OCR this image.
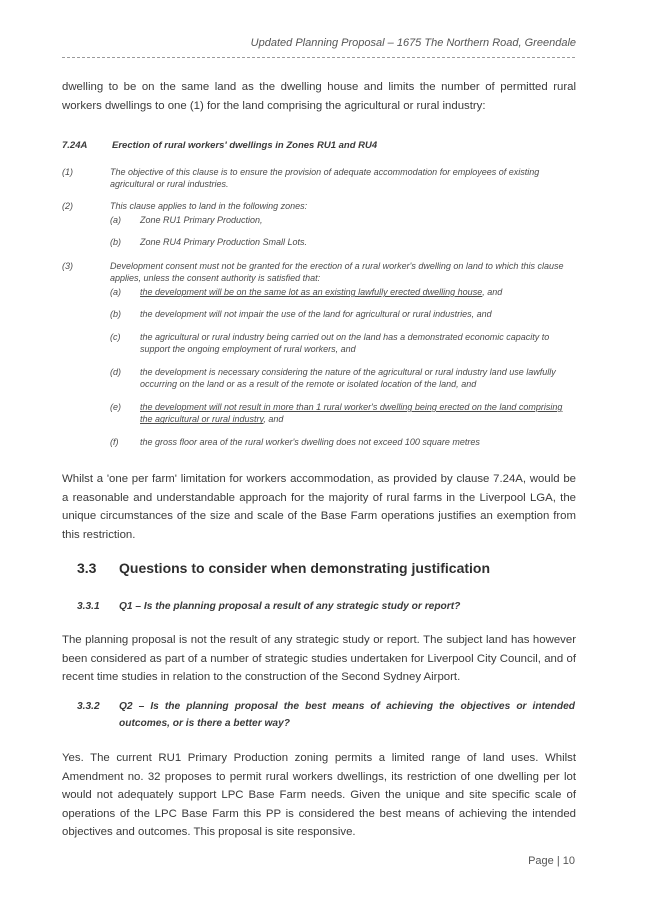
Updated Planning Proposal – 1675 The Northern Road, Greendale
dwelling to be on the same land as the dwelling house and limits the number of permitted rural workers dwellings to one (1) for the land comprising the agricultural or rural industry:
7.24A	Erection of rural workers' dwellings in Zones RU1 and RU4
(1)	The objective of this clause is to ensure the provision of adequate accommodation for employees of existing agricultural or rural industries.
(2)	This clause applies to land in the following zones:
(a) Zone RU1 Primary Production,
(b) Zone RU4 Primary Production Small Lots.
(3)	Development consent must not be granted for the erection of a rural worker's dwelling on land to which this clause applies, unless the consent authority is satisfied that:
(a) the development will be on the same lot as an existing lawfully erected dwelling house, and
(b) the development will not impair the use of the land for agricultural or rural industries, and
(c) the agricultural or rural industry being carried out on the land has a demonstrated economic capacity to support the ongoing employment of rural workers, and
(d) the development is necessary considering the nature of the agricultural or rural industry land use lawfully occurring on the land or as a result of the remote or isolated location of the land, and
(e) the development will not result in more than 1 rural worker's dwelling being erected on the land comprising the agricultural or rural industry, and
(f) the gross floor area of the rural worker's dwelling does not exceed 100 square metres
Whilst a 'one per farm' limitation for workers accommodation, as provided by clause 7.24A, would be a reasonable and understandable approach for the majority of rural farms in the Liverpool LGA, the unique circumstances of the size and scale of the Base Farm operations justifies an exemption from this restriction.
3.3 Questions to consider when demonstrating justification
3.3.1 Q1 – Is the planning proposal a result of any strategic study or report?
The planning proposal is not the result of any strategic study or report. The subject land has however been considered as part of a number of strategic studies undertaken for Liverpool City Council, and of recent time studies in relation to the construction of the Second Sydney Airport.
3.3.2 Q2 – Is the planning proposal the best means of achieving the objectives or intended outcomes, or is there a better way?
Yes. The current RU1 Primary Production zoning permits a limited range of land uses. Whilst Amendment no. 32 proposes to permit rural workers dwellings, its restriction of one dwelling per lot would not adequately support LPC Base Farm needs. Given the unique and site specific scale of operations of the LPC Base Farm this PP is considered the best means of achieving the intended objectives and outcomes. This proposal is site responsive.
Page | 10
